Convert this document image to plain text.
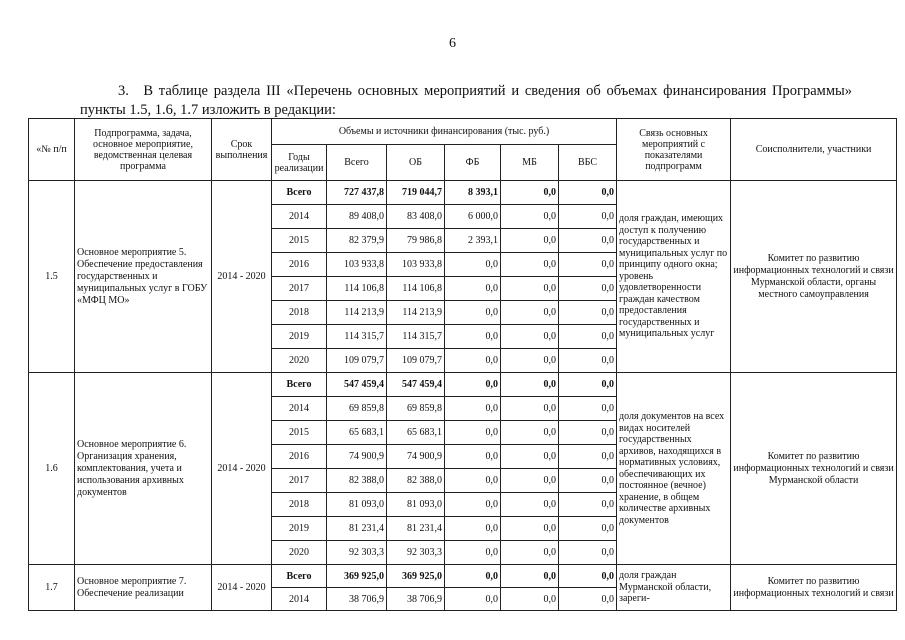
6
3. В таблице раздела III «Перечень основных мероприятий и сведения об объемах финансирования Программы» пункты 1.5, 1.6, 1.7 изложить в редакции:
«№ п/п	Подпрограмма, задача, основное мероприятие, ведомственная целевая программа	Срок выполнения	Объемы и источники финансирования (тыс. руб.)						Связь основных мероприятий с показателями подпрограмм	Соисполнители, участники
			Годы реализации	Всего	ОБ	ФБ	МБ	ВБС		
1.5	Основное мероприятие 5. Обеспечение предоставления государственных и муниципальных услуг в ГОБУ «МФЦ МО»	2014 - 2020	Всего	727 437,8	719 044,7	8 393,1	0,0	0,0	доля граждан, имеющих доступ к получению государственных и муниципальных услуг по принципу одного окна; уровень удовлетворенности граждан качеством предоставления государственных и муниципальных услуг	Комитет по развитию информационных технологий и связи Мурманской области, органы местного самоуправления
			2014	89 408,0	83 408,0	6 000,0	0,0	0,0		
			2015	82 379,9	79 986,8	2 393,1	0,0	0,0		
			2016	103 933,8	103 933,8	0,0	0,0	0,0		
			2017	114 106,8	114 106,8	0,0	0,0	0,0		
			2018	114 213,9	114 213,9	0,0	0,0	0,0		
			2019	114 315,7	114 315,7	0,0	0,0	0,0		
			2020	109 079,7	109 079,7	0,0	0,0	0,0		
1.6	Основное мероприятие 6. Организация хранения, комплектования, учета и использования архивных документов	2014 - 2020	Всего	547 459,4	547 459,4	0,0	0,0	0,0	доля документов на всех видах носителей государственных архивов, находящихся в нормативных условиях, обеспечивающих их постоянное (вечное) хранение, в общем количестве архивных документов	Комитет по развитию информационных технологий и связи Мурманской области
			2014	69 859,8	69 859,8	0,0	0,0	0,0		
			2015	65 683,1	65 683,1	0,0	0,0	0,0		
			2016	74 900,9	74 900,9	0,0	0,0	0,0		
			2017	82 388,0	82 388,0	0,0	0,0	0,0		
			2018	81 093,0	81 093,0	0,0	0,0	0,0		
			2019	81 231,4	81 231,4	0,0	0,0	0,0		
			2020	92 303,3	92 303,3	0,0	0,0	0,0		
1.7	Основное мероприятие 7. Обеспечение реализации	2014 - 2020	Всего	369 925,0	369 925,0	0,0	0,0	0,0	доля граждан Мурманской области, зареги-	Комитет по развитию информационных технологий и связи
			2014	38 706,9	38 706,9	0,0	0,0	0,0		
